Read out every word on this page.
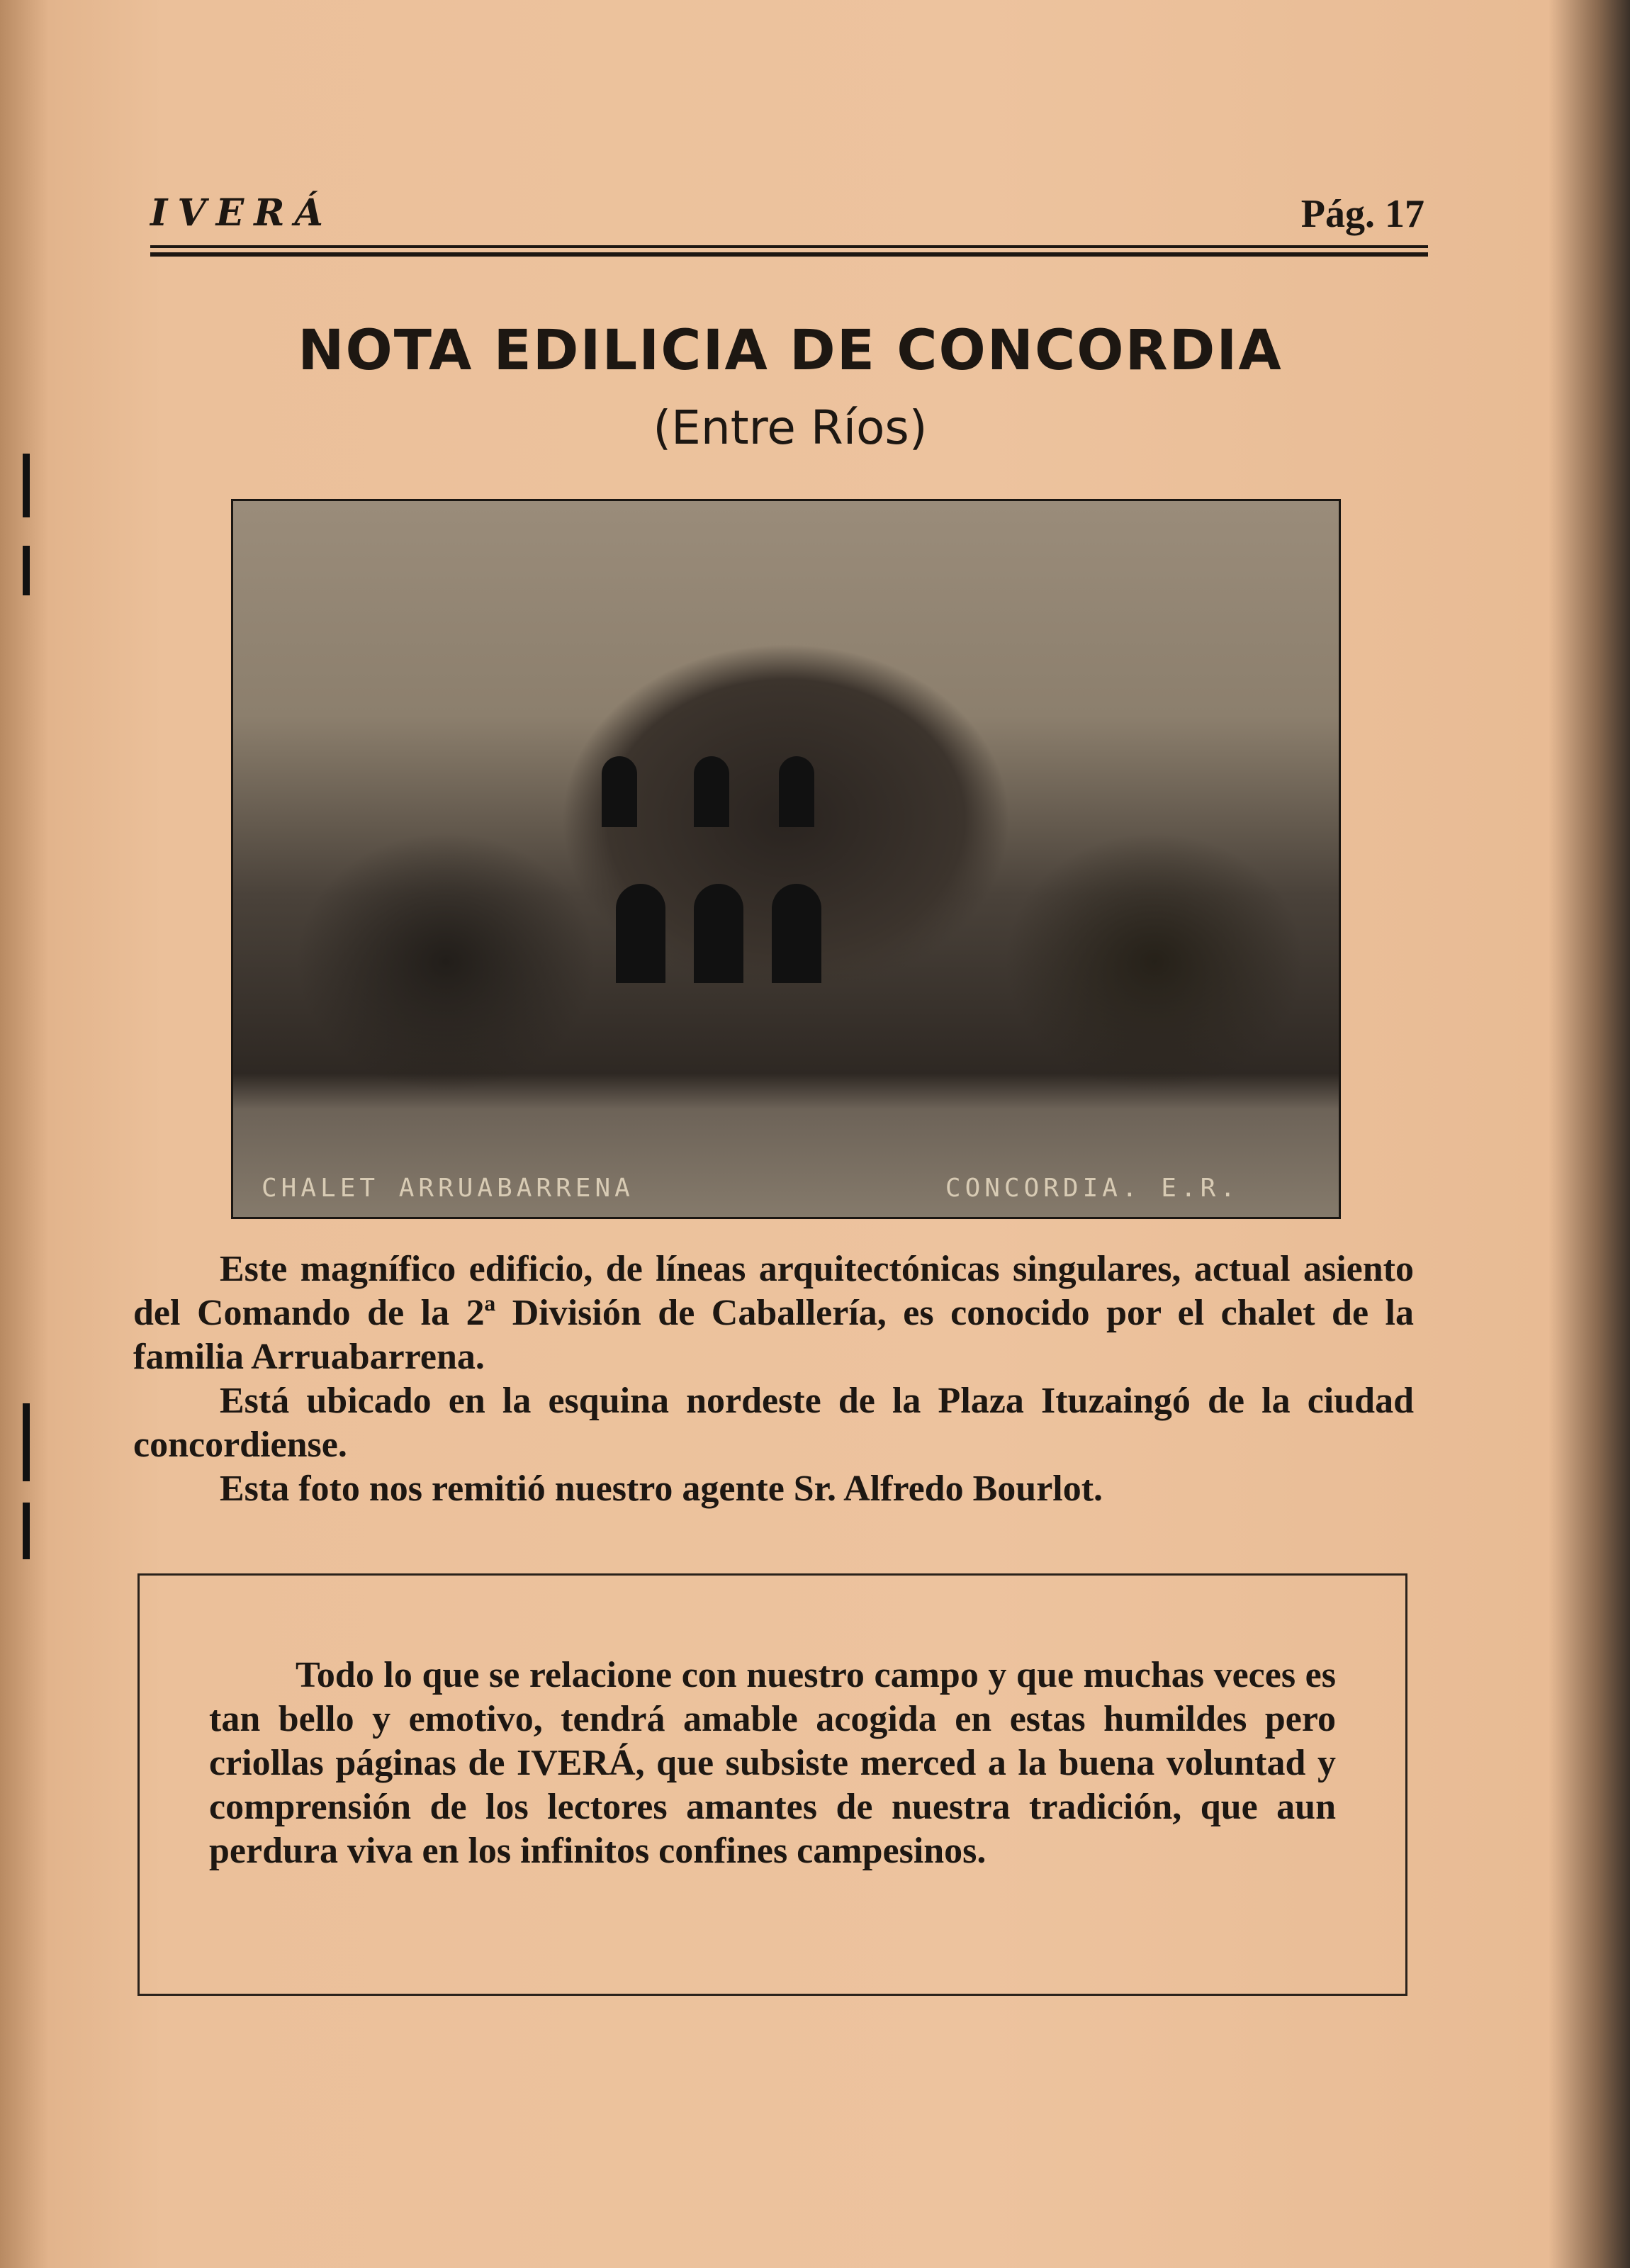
IVERÁ	Pág. 17
NOTA EDILICIA DE CONCORDIA
(Entre Ríos)
CHALET ARRUABARRENA	CONCORDIA. E.R.

Este magnífico edificio, de líneas arquitectónicas singulares, actual asiento del Comando de la 2ª División de Caballería, es conocido por el chalet de la familia Arruabarrena.

Está ubicado en la esquina nordeste de la Plaza Ituzaingó de la ciudad concordiense.

Esta foto nos remitió nuestro agente Sr. Alfredo Bourlot.

Todo lo que se relacione con nuestro campo y que muchas veces es tan bello y emotivo, tendrá amable acogida en estas humildes pero criollas páginas de IVERÁ, que subsiste merced a la buena voluntad y comprensión de los lectores amantes de nuestra tradición, que aun perdura viva en los infinitos confines campesinos.
